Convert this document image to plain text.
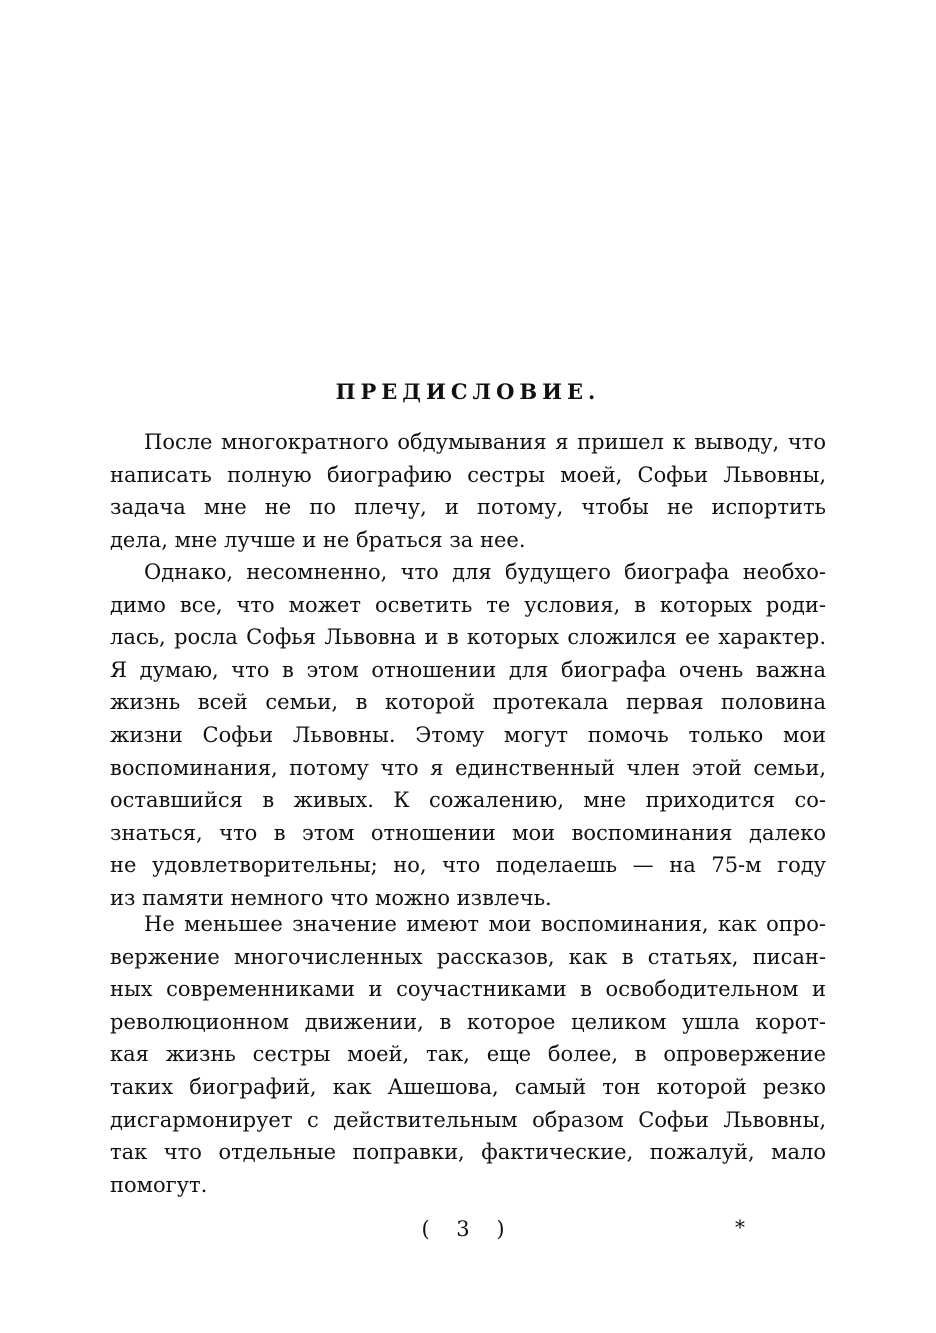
ПРЕДИСЛОВИЕ.
После многократного обдумывания я пришел к выводу, что
написать полную биографию сестры моей, Софьи Львовны,
задача мне не по плечу, и потому, чтобы не испортить
дела, мне лучше и не браться за нее.
Однако, несомненно, что для будущего биографа необхо-
димо все, что может осветить те условия, в которых роди-
лась, росла Софья Львовна и в которых сложился ее характер.
Я думаю, что в этом отношении для биографа очень важна
жизнь всей семьи, в которой протекала первая половина
жизни Софьи Львовны. Этому могут помочь только мои
воспоминания, потому что я единственный член этой семьи,
оставшийся в живых. К сожалению, мне приходится со-
знаться, что в этом отношении мои воспоминания далеко
не удовлетворительны; но, что поделаешь — на 75-м году
из памяти немного что можно извлечь.
Не меньшее значение имеют мои воспоминания, как опро-
вержение многочисленных рассказов, как в статьях, писан-
ных современниками и соучастниками в освободительном и
революционном движении, в которое целиком ушла корот-
кая жизнь сестры моей, так, еще более, в опровержение
таких биографий, как Ашешова, самый тон которой резко
дисгармонирует с действительным образом Софьи Львовны,
так что отдельные поправки, фактические, пожалуй, мало
помогут.
( 3 )	*
